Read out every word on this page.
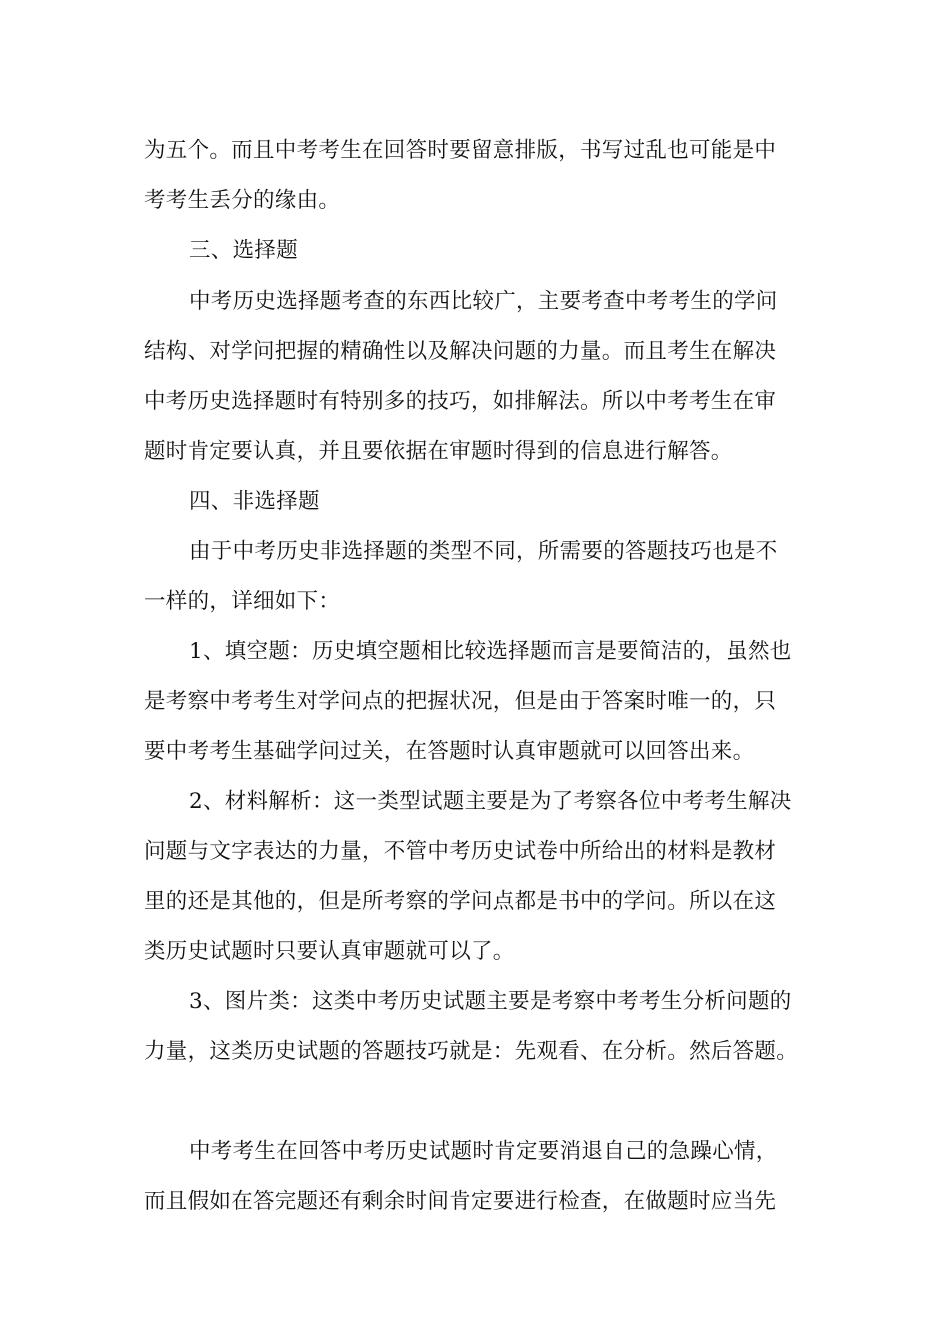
为五个。而且中考考生在回答时要留意排版，书写过乱也可能是中
考考生丢分的缘由。
三、选择题
中考历史选择题考查的东西比较广，主要考查中考考生的学问
结构、对学问把握的精确性以及解决问题的力量。而且考生在解决
中考历史选择题时有特别多的技巧，如排解法。所以中考考生在审
题时肯定要认真，并且要依据在审题时得到的信息进行解答。
四、非选择题
由于中考历史非选择题的类型不同，所需要的答题技巧也是不
一样的，详细如下：
1、填空题：历史填空题相比较选择题而言是要简洁的，虽然也
是考察中考考生对学问点的把握状况，但是由于答案时唯一的，只
要中考考生基础学问过关，在答题时认真审题就可以回答出来。
2、材料解析：这一类型试题主要是为了考察各位中考考生解决
问题与文字表达的力量，不管中考历史试卷中所给出的材料是教材
里的还是其他的，但是所考察的学问点都是书中的学问。所以在这
类历史试题时只要认真审题就可以了。
3、图片类：这类中考历史试题主要是考察中考考生分析问题的
力量，这类历史试题的答题技巧就是：先观看、在分析。然后答题。
中考考生在回答中考历史试题时肯定要消退自己的急躁心情，
而且假如在答完题还有剩余时间肯定要进行检查，在做题时应当先
